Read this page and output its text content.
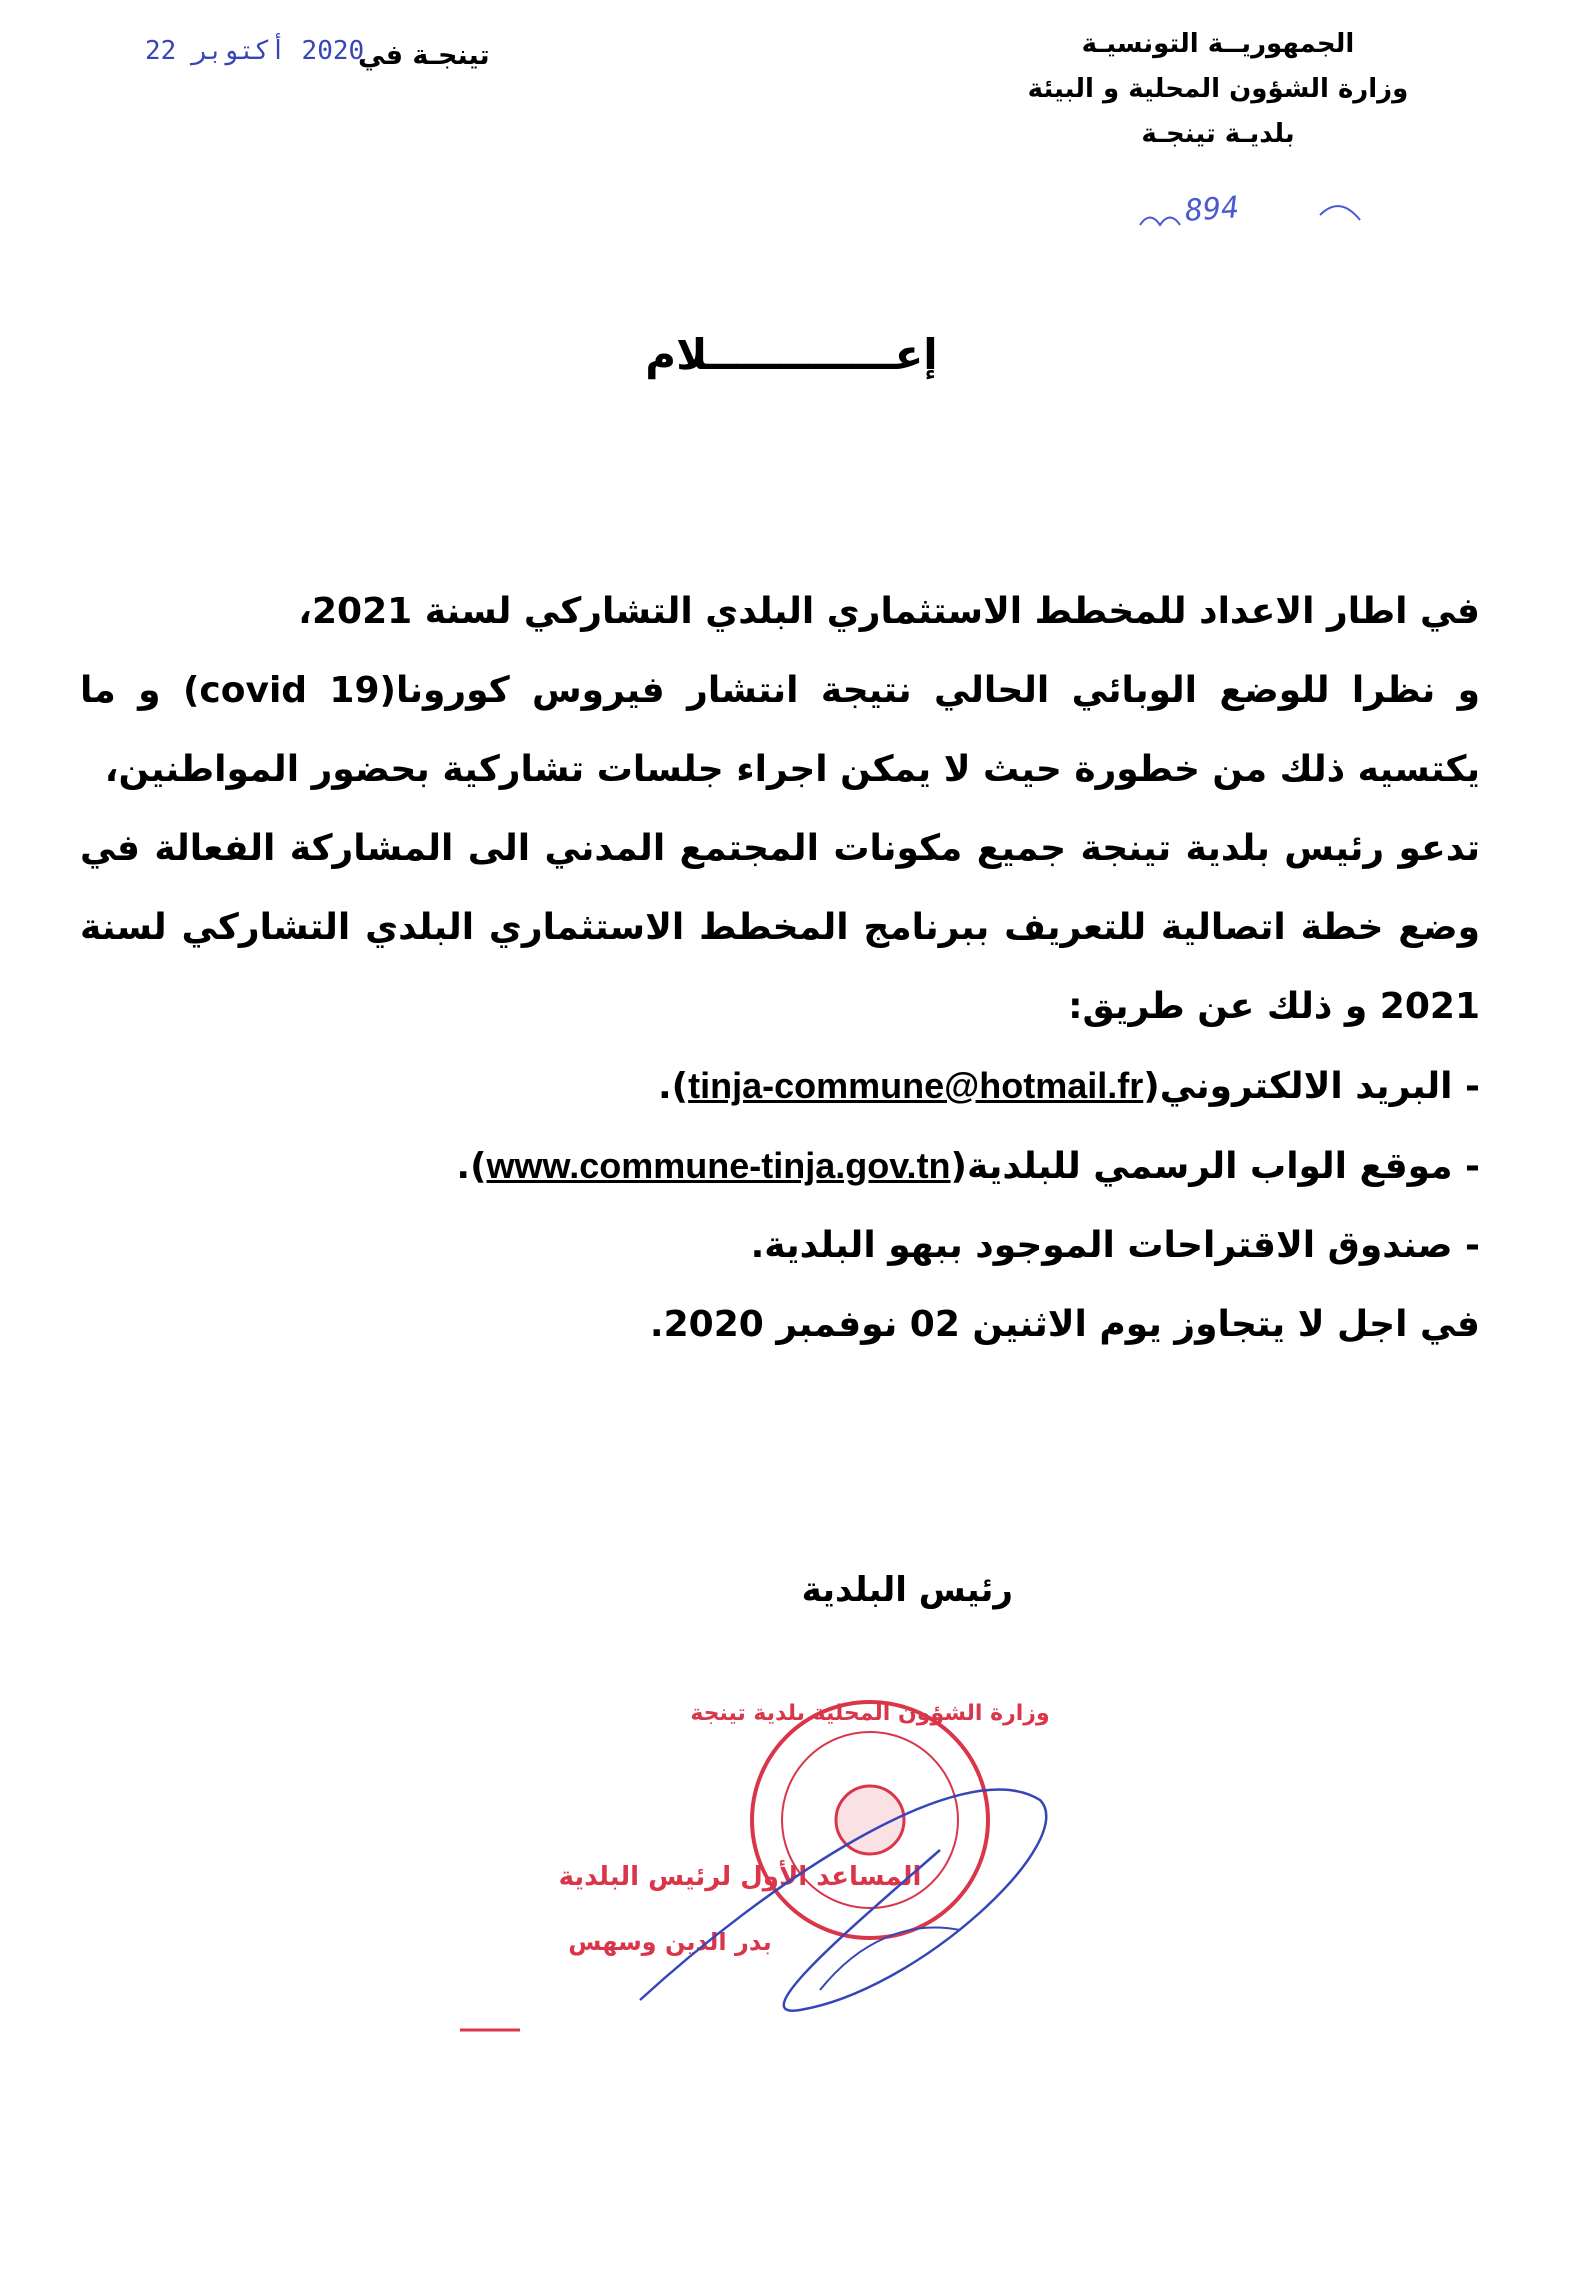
الجمهوريــة التونسيـة
وزارة الشؤون المحلية و البيئة
بلديـة تينجـة
894
تينجـة في
2020 أكتوبر 22
إعـــــــــــــلام

في اطار الاعداد للمخطط الاستثماري البلدي التشاركي لسنة 2021،

و نظرا للوضع الوبائي الحالي نتيجة انتشار فيروس كورونا(covid 19) و ما يكتسيه ذلك من خطورة حيث لا يمكن اجراء جلسات تشاركية بحضور المواطنين،

تدعو رئيس بلدية تينجة جميع مكونات المجتمع المدني الى المشاركة الفعالة في وضع خطة اتصالية للتعريف ببرنامج المخطط الاستثماري البلدي التشاركي لسنة 2021 و ذلك عن طريق:

- البريد الالكتروني(tinja-commune@hotmail.fr).

- موقع الواب الرسمي للبلدية(www.commune-tinja.gov.tn).

- صندوق الاقتراحات الموجود ببهو البلدية.

في اجل لا يتجاوز يوم الاثنين 02 نوفمبر 2020.

رئيس البلدية
وزارة الشؤون المحلية بلدية تينجة
المساعد الأول لرئيس البلدية
بدر الدين وسهس
